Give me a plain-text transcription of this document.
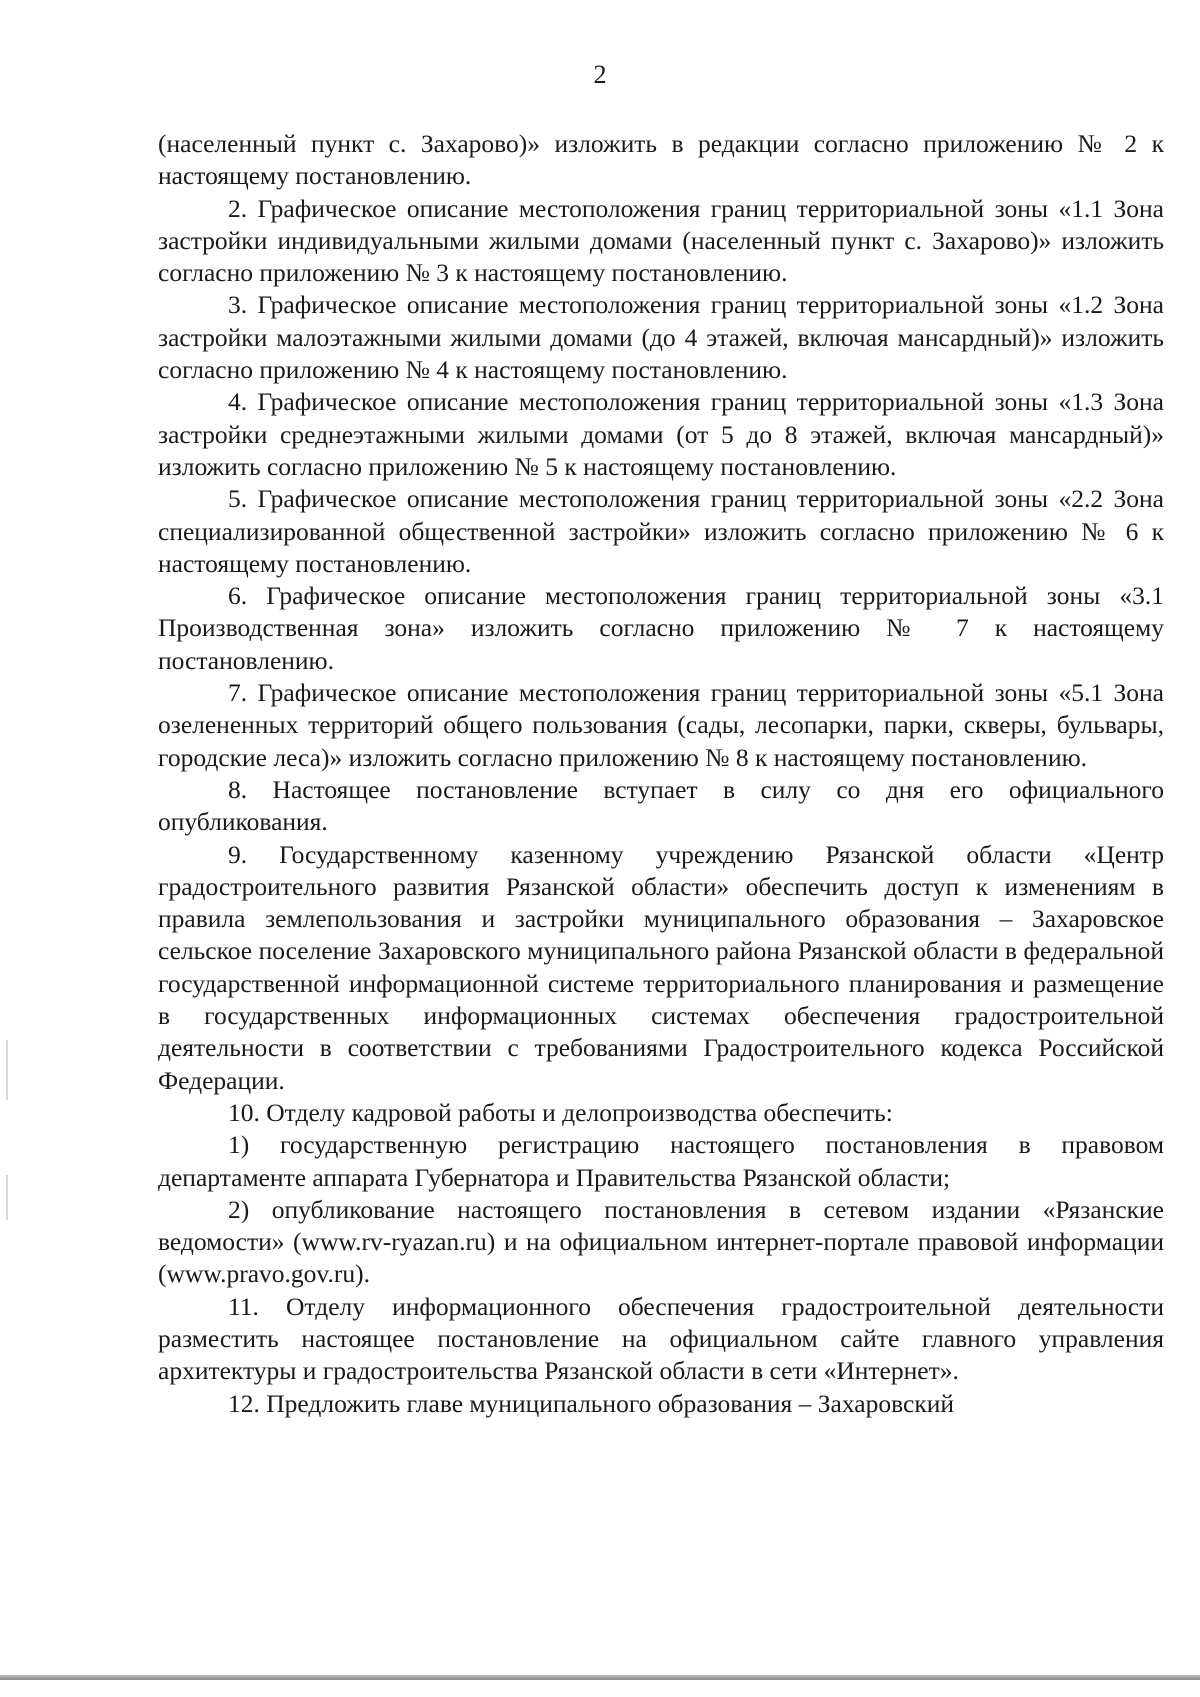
2

(населенный пункт с. Захарово)» изложить в редакции согласно приложению № 2 к настоящему постановлению.

2. Графическое описание местоположения границ территориальной зоны «1.1 Зона застройки индивидуальными жилыми домами (населенный пункт с. Захарово)» изложить согласно приложению № 3 к настоящему постановлению.

3. Графическое описание местоположения границ территориальной зоны «1.2 Зона застройки малоэтажными жилыми домами (до 4 этажей, включая мансардный)» изложить согласно приложению № 4 к настоящему постановлению.

4. Графическое описание местоположения границ территориальной зоны «1.3 Зона застройки среднеэтажными жилыми домами (от 5 до 8 этажей, включая мансардный)» изложить согласно приложению № 5 к настоящему постановлению.

5. Графическое описание местоположения границ территориальной зоны «2.2 Зона специализированной общественной застройки» изложить согласно приложению № 6 к настоящему постановлению.

6. Графическое описание местоположения границ территориальной зоны «3.1 Производственная зона» изложить согласно приложению № 7 к настоящему постановлению.

7. Графическое описание местоположения границ территориальной зоны «5.1 Зона озелененных территорий общего пользования (сады, лесопарки, парки, скверы, бульвары, городские леса)» изложить согласно приложению № 8 к настоящему постановлению.

8. Настоящее постановление вступает в силу со дня его официального опубликования.

9. Государственному казенному учреждению Рязанской области «Центр градостроительного развития Рязанской области» обеспечить доступ к изменениям в правила землепользования и застройки муниципального образования – Захаровское сельское поселение Захаровского муниципального района Рязанской области в федеральной государственной информационной системе территориального планирования и размещение в государственных информационных системах обеспечения градостроительной деятельности в соответствии с требованиями Градостроительного кодекса Российской Федерации.

10. Отделу кадровой работы и делопроизводства обеспечить:

1) государственную регистрацию настоящего постановления в правовом департаменте аппарата Губернатора и Правительства Рязанской области;

2) опубликование настоящего постановления в сетевом издании «Рязанские ведомости» (www.rv-ryazan.ru) и на официальном интернет-портале правовой информации (www.pravo.gov.ru).

11. Отделу информационного обеспечения градостроительной деятельности разместить настоящее постановление на официальном сайте главного управления архитектуры и градостроительства Рязанской области в сети «Интернет».

12. Предложить главе муниципального образования – Захаровский
